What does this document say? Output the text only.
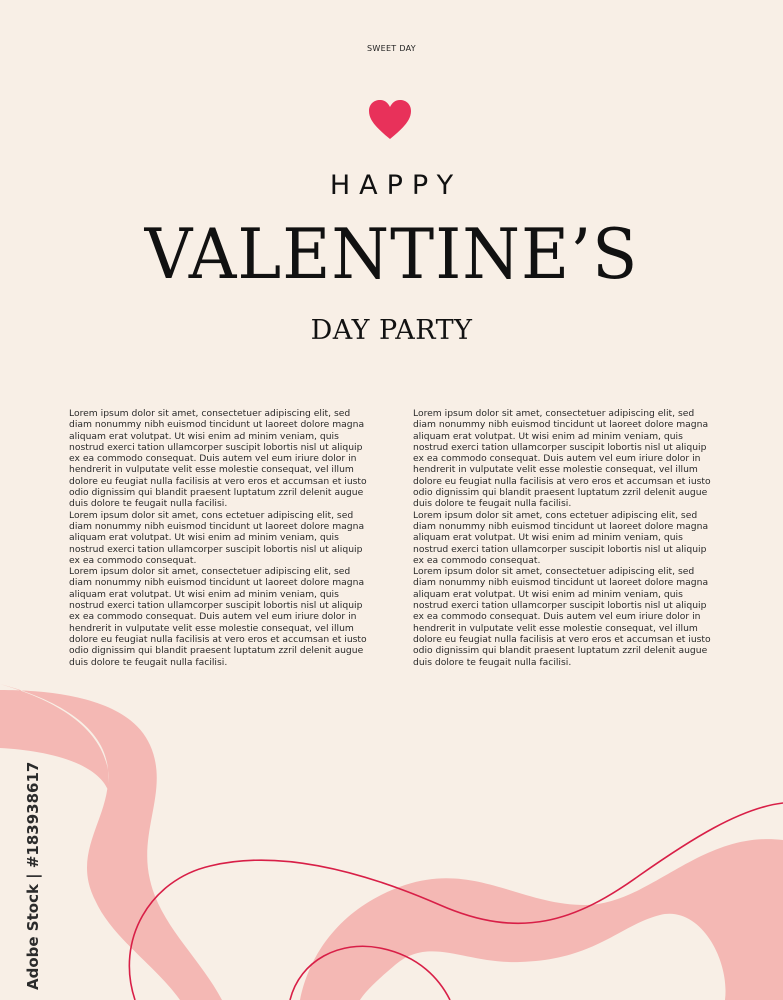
SWEET DAY
HAPPY
VALENTINE’S
DAY PARTY

Lorem ipsum dolor sit amet, consectetuer adipiscing elit, sed diam nonummy nibh euismod tincidunt ut laoreet dolore magna aliquam erat volutpat. Ut wisi enim ad minim veniam, quis nostrud exerci tation ullamcorper suscipit lobortis nisl ut aliquip ex ea commodo consequat. Duis autem vel eum iriure dolor in hendrerit in vulputate velit esse molestie consequat, vel illum dolore eu feugiat nulla facilisis at vero eros et accumsan et iusto odio dignissim qui blandit praesent luptatum zzril delenit augue duis dolore te feugait nulla facilisi.

Lorem ipsum dolor sit amet, cons ectetuer adipiscing elit, sed diam nonummy nibh euismod tincidunt ut laoreet dolore magna aliquam erat volutpat. Ut wisi enim ad minim veniam, quis nostrud exerci tation ullamcorper suscipit lobortis nisl ut aliquip ex ea commodo consequat.

Lorem ipsum dolor sit amet, consectetuer adipiscing elit, sed diam nonummy nibh euismod tincidunt ut laoreet dolore magna aliquam erat volutpat. Ut wisi enim ad minim veniam, quis nostrud exerci tation ullamcorper suscipit lobortis nisl ut aliquip ex ea commodo consequat. Duis autem vel eum iriure dolor in hendrerit in vulputate velit esse molestie consequat, vel illum dolore eu feugiat nulla facilisis at vero eros et accumsan et iusto odio dignissim qui blandit praesent luptatum zzril delenit augue duis dolore te feugait nulla facilisi.

Lorem ipsum dolor sit amet, consectetuer adipiscing elit, sed diam nonummy nibh euismod tincidunt ut laoreet dolore magna aliquam erat volutpat. Ut wisi enim ad minim veniam, quis nostrud exerci tation ullamcorper suscipit lobortis nisl ut aliquip ex ea commodo consequat. Duis autem vel eum iriure dolor in hendrerit in vulputate velit esse molestie consequat, vel illum dolore eu feugiat nulla facilisis at vero eros et accumsan et iusto odio dignissim qui blandit praesent luptatum zzril delenit augue duis dolore te feugait nulla facilisi.

Lorem ipsum dolor sit amet, cons ectetuer adipiscing elit, sed diam nonummy nibh euismod tincidunt ut laoreet dolore magna aliquam erat volutpat. Ut wisi enim ad minim veniam, quis nostrud exerci tation ullamcorper suscipit lobortis nisl ut aliquip ex ea commodo consequat.

Lorem ipsum dolor sit amet, consectetuer adipiscing elit, sed diam nonummy nibh euismod tincidunt ut laoreet dolore magna aliquam erat volutpat. Ut wisi enim ad minim veniam, quis nostrud exerci tation ullamcorper suscipit lobortis nisl ut aliquip ex ea commodo consequat. Duis autem vel eum iriure dolor in hendrerit in vulputate velit esse molestie consequat, vel illum dolore eu feugiat nulla facilisis at vero eros et accumsan et iusto odio dignissim qui blandit praesent luptatum zzril delenit augue duis dolore te feugait nulla facilisi.

Adobe Stock | #183938617
